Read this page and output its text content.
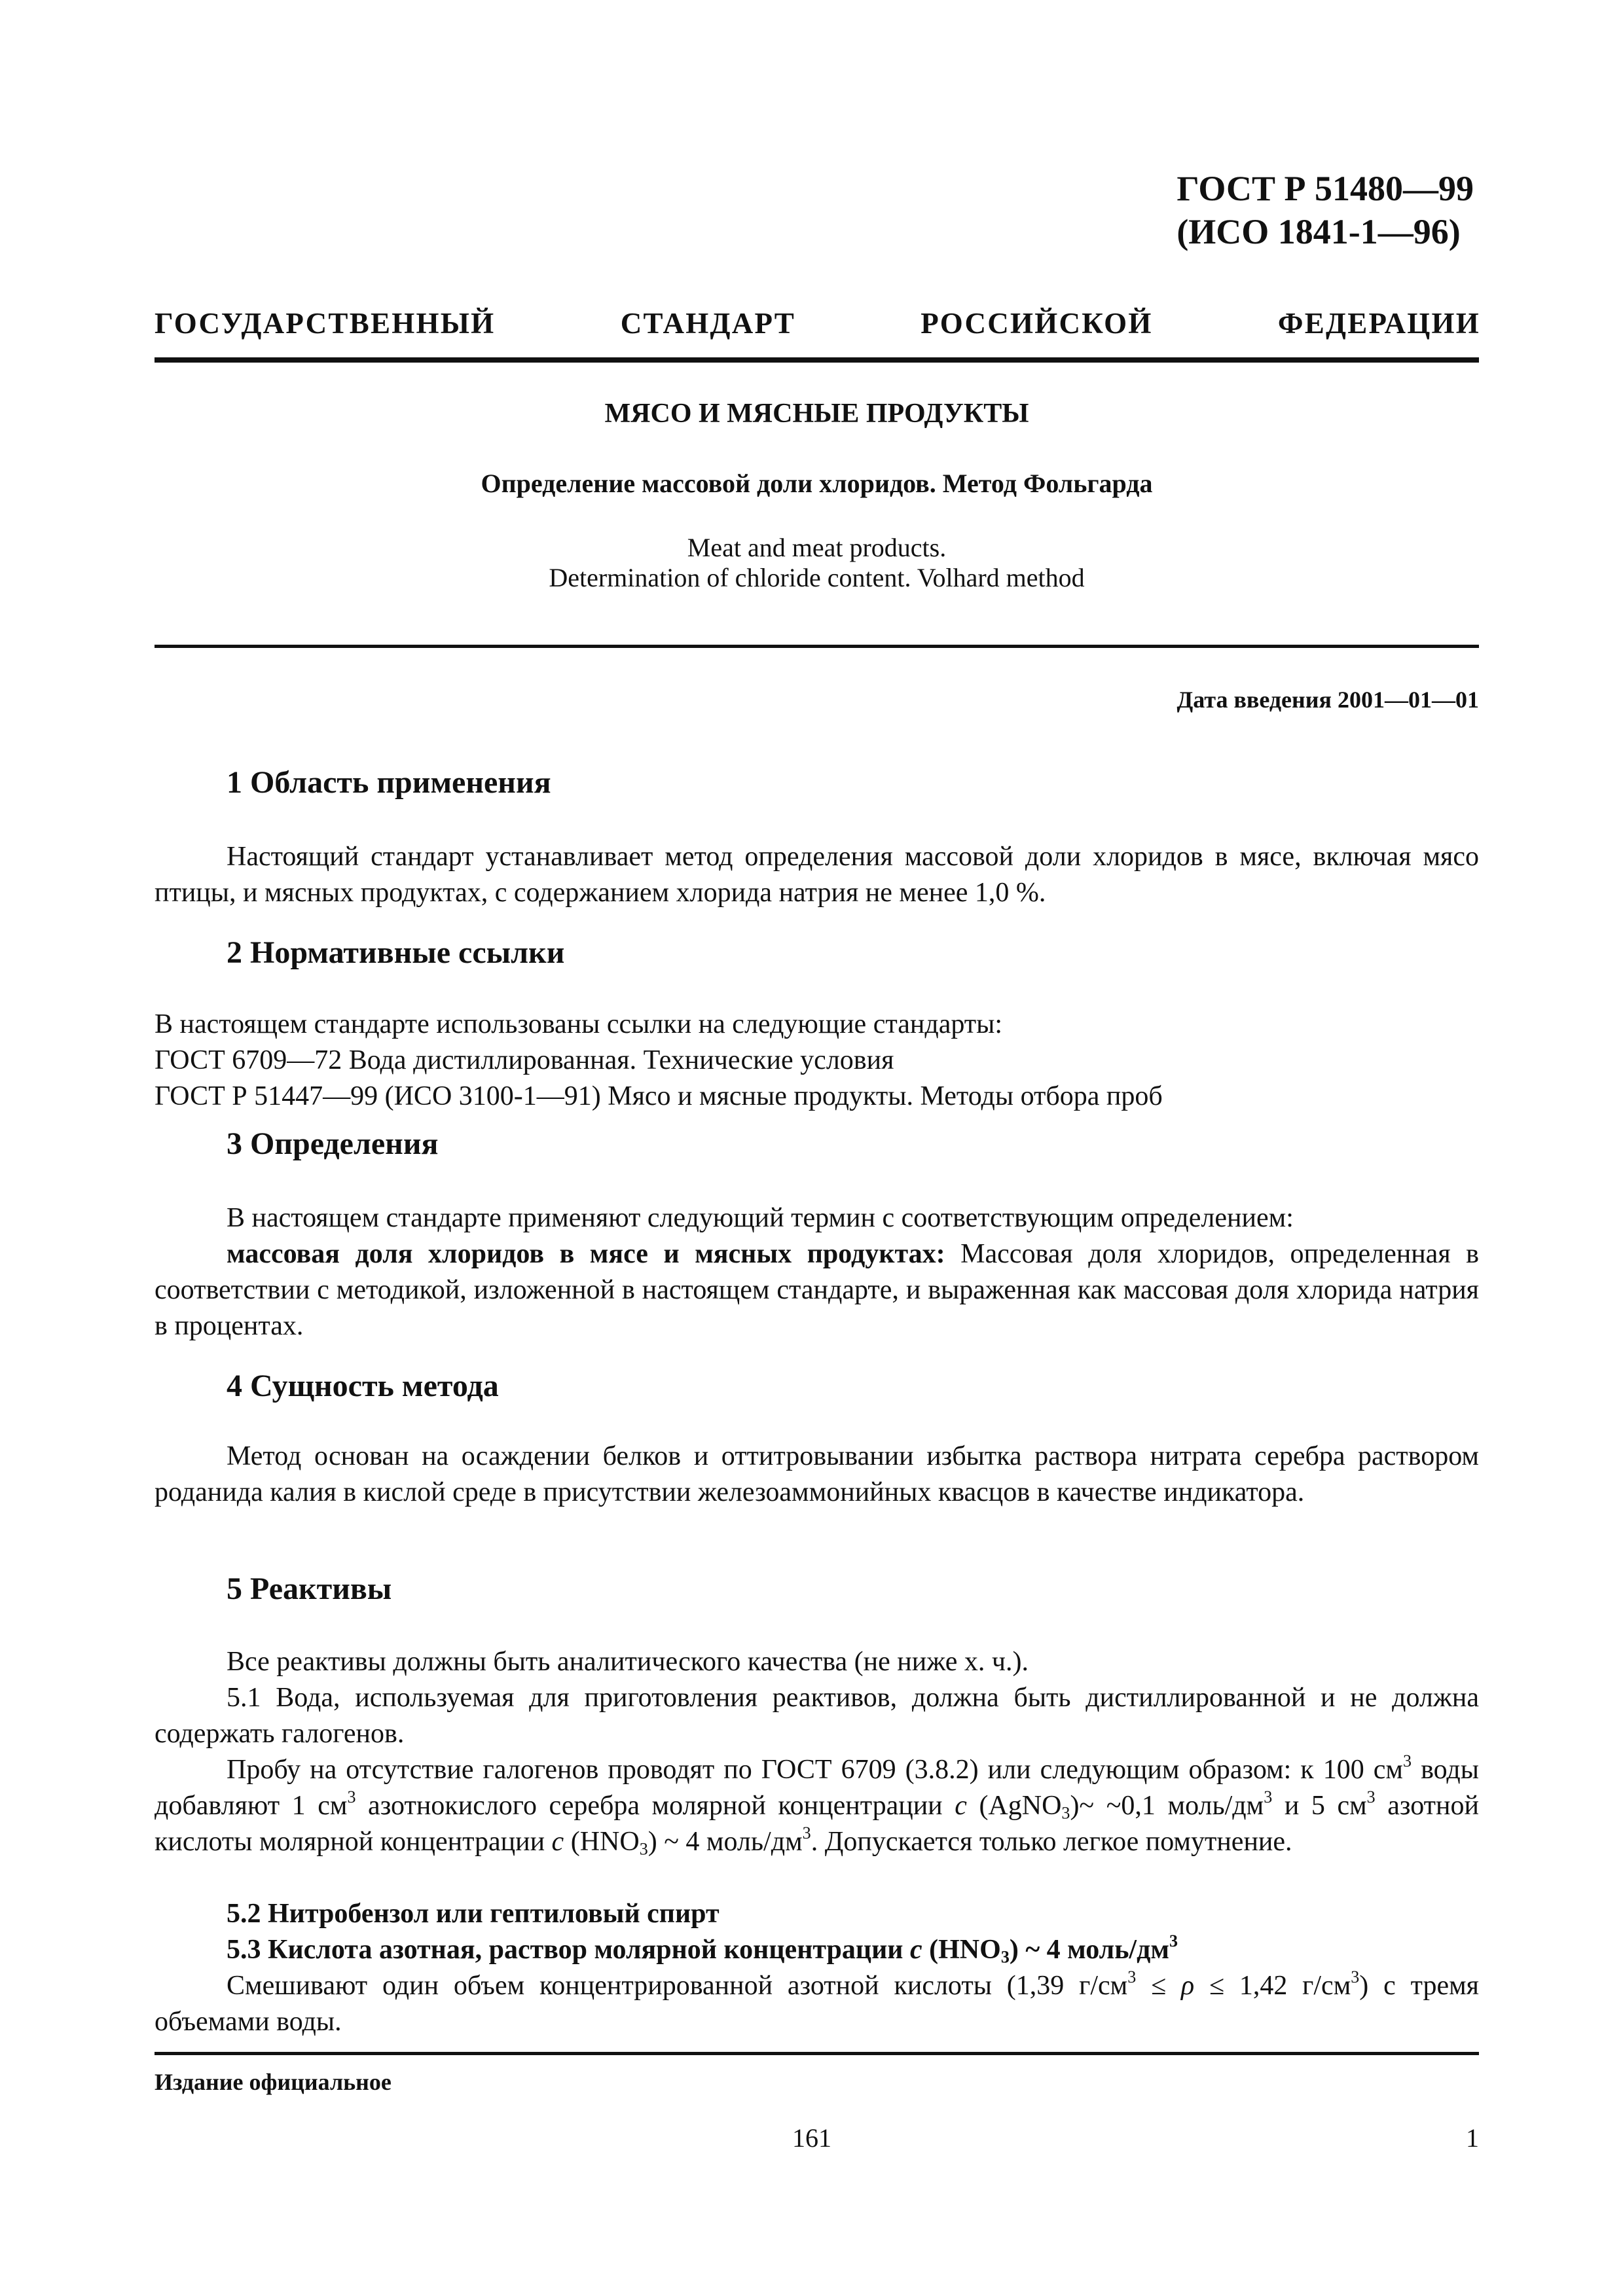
ГОСТ Р 51480—99
(ИСО 1841-1—96)
ГОСУДАРСТВЕННЫЙ СТАНДАРТ РОССИЙСКОЙ ФЕДЕРАЦИИ
МЯСО И МЯСНЫЕ ПРОДУКТЫ
Определение массовой доли хлоридов. Метод Фольгарда
Meat and meat products.
Determination of chloride content. Volhard method
Дата введения 2001—01—01
1 Область применения
Настоящий стандарт устанавливает метод определения массовой доли хлоридов в мясе, включая мясо птицы, и мясных продуктах, с содержанием хлорида натрия не менее 1,0 %.
2 Нормативные ссылки
В настоящем стандарте использованы ссылки на следующие стандарты:
ГОСТ 6709—72 Вода дистиллированная. Технические условия
ГОСТ Р 51447—99 (ИСО 3100-1—91) Мясо и мясные продукты. Методы отбора проб
3 Определения
В настоящем стандарте применяют следующий термин с соответствующим определением:
массовая доля хлоридов в мясе и мясных продуктах: Массовая доля хлоридов, определенная в соответствии с методикой, изложенной в настоящем стандарте, и выраженная как массовая доля хлорида натрия в процентах.
4 Сущность метода
Метод основан на осаждении белков и оттитровывании избытка раствора нитрата серебра раствором роданида калия в кислой среде в присутствии железоаммонийных квасцов в качестве индикатора.
5 Реактивы
Все реактивы должны быть аналитического качества (не ниже х. ч.).
5.1 Вода, используемая для приготовления реактивов, должна быть дистиллированной и не должна содержать галогенов.
Пробу на отсутствие галогенов проводят по ГОСТ 6709 (3.8.2) или следующим образом: к 100 $см^3$ воды добавляют 1 $см^3$ азотнокислого серебра молярной концентрации c (AgNO$_3$)~ ~0,1 моль/$дм^3$ и 5 $см^3$ азотной кислоты молярной концентрации c $(HNO_3)$ ~ 4 моль/$дм^3$. Допускается только легкое помутнение.
5.2 Нитробензол или гептиловый спирт
5.3 Кислота азотная, раствор молярной концентрации c $(HNO_3)$ ~ 4 моль/$дм^3$
Смешивают один объем концентрированной азотной кислоты (1,39 $г/см^3 \le \rho \le 1,42$ $г/см^3$) с тремя объемами воды.
Издание официальное
161	1
